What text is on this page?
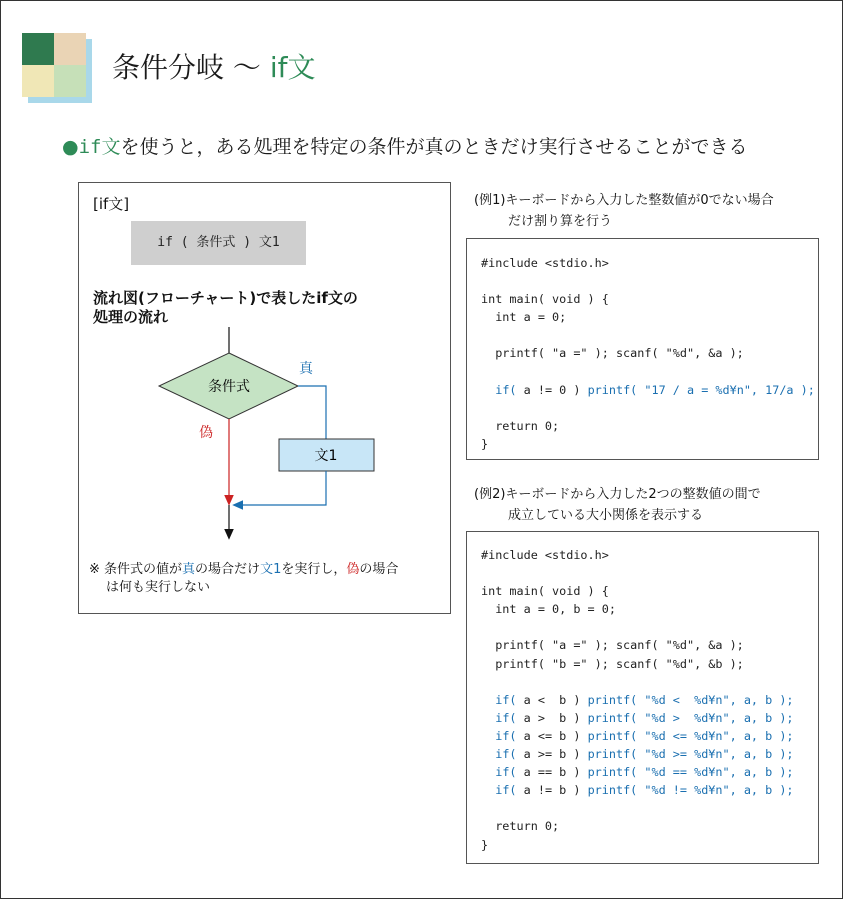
条件分岐 〜 if文
●if文を使うと，ある処理を特定の条件が真のときだけ実行させることができる
[if文]
if ( 条件式 ) 文1
流れ図(フローチャート)で表したif文の
処理の流れ
条件式
偽
真
文1
※ 条件式の値が真の場合だけ文1を実行し，偽の場合
は何も実行しない
(例1)キーボードから入力した整数値が0でない場合
だけ割り算を行う
#include <stdio.h>

int main( void ) {
int a = 0;

printf( "a =" ); scanf( "%d", &a );

if( a != 0 ) printf( "17 / a = %d¥n", 17/a );

return 0;
}
(例2)キーボードから入力した2つの整数値の間で
成立している大小関係を表示する
#include <stdio.h>

int main( void ) {
int a = 0, b = 0;

printf( "a =" ); scanf( "%d", &a );
printf( "b =" ); scanf( "%d", &b );

if( a <  b ) printf( "%d <  %d¥n", a, b );
if( a >  b ) printf( "%d >  %d¥n", a, b );
if( a <= b ) printf( "%d <= %d¥n", a, b );
if( a >= b ) printf( "%d >= %d¥n", a, b );
if( a == b ) printf( "%d == %d¥n", a, b );
if( a != b ) printf( "%d != %d¥n", a, b );

return 0;
}
